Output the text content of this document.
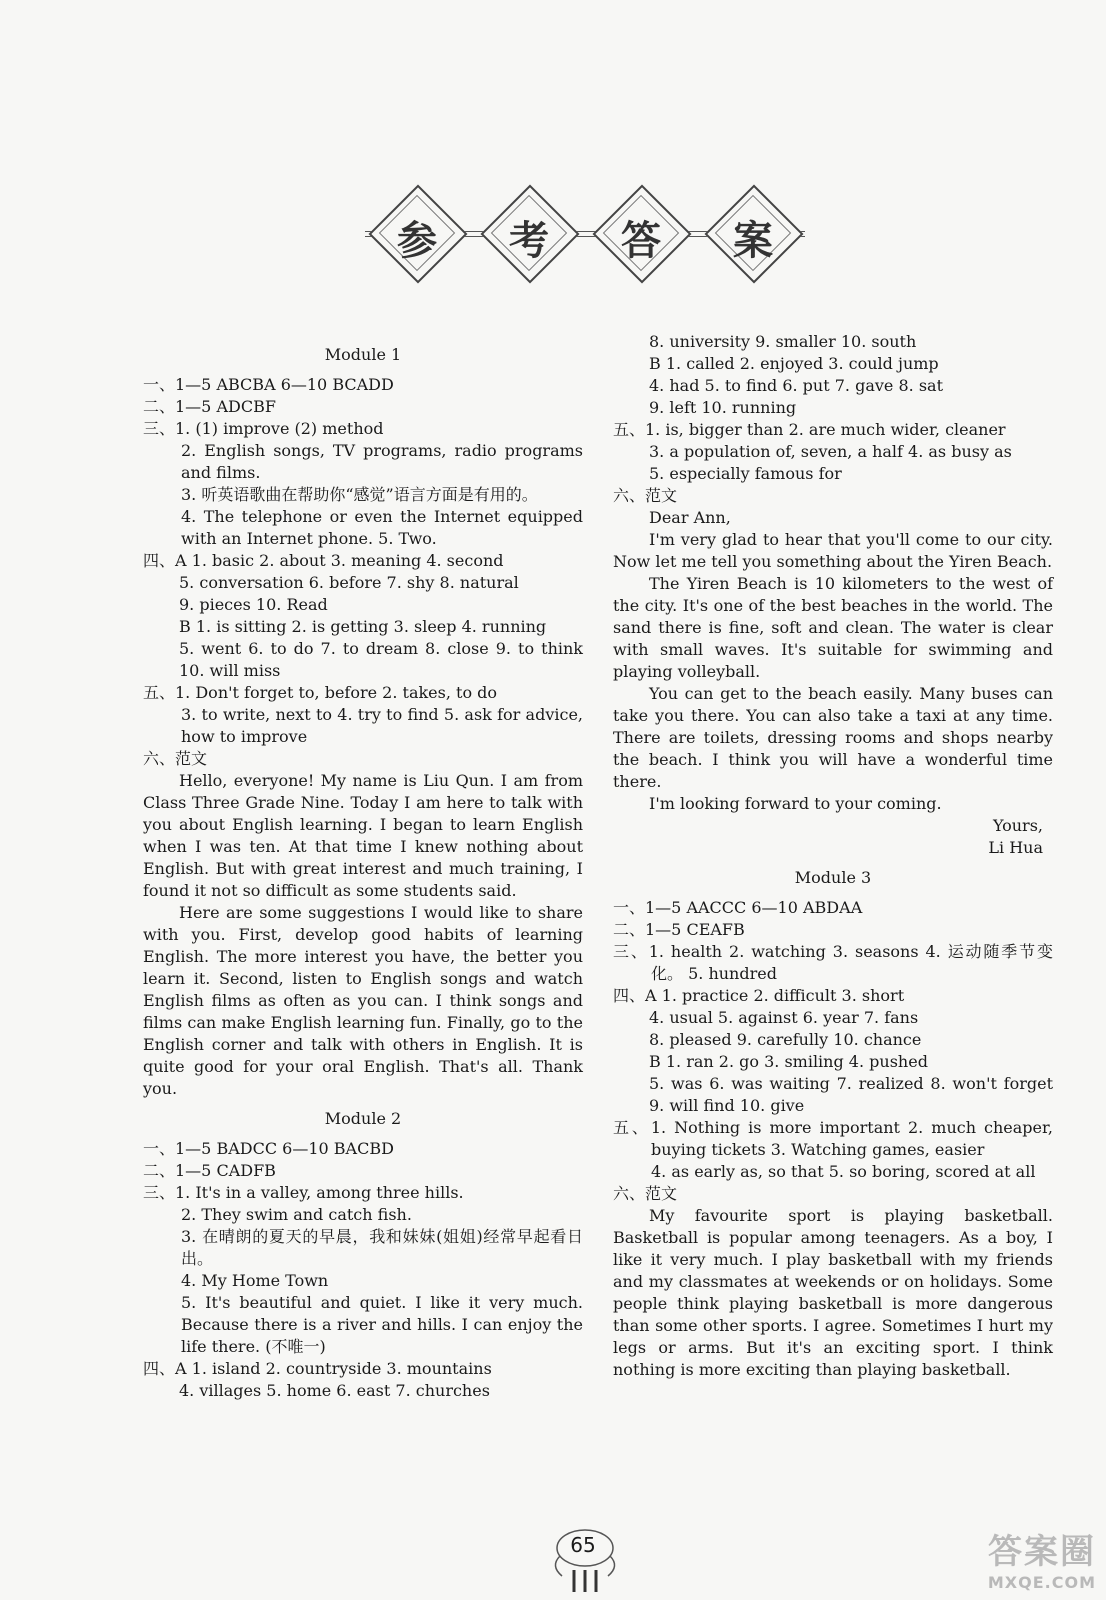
参	考	答	案
Module 1
一、1—5 ABCBA 6—10 BCADD
二、1—5 ADCBF
三、1. (1) improve (2) method
2. English songs, TV programs, radio programs and films.
3. 听英语歌曲在帮助你“感觉”语言方面是有用的。
4. The telephone or even the Internet equipped with an Internet phone. 5. Two.
四、A 1. basic 2. about 3. meaning 4. second
5. conversation 6. before 7. shy 8. natural
9. pieces 10. Read
B 1. is sitting 2. is getting 3. sleep 4. running
5. went 6. to do 7. to dream 8. close 9. to think 10. will miss
五、1. Don't forget to, before 2. takes, to do
3. to write, next to 4. try to find 5. ask for advice, how to improve
六、范文
Hello, everyone! My name is Liu Qun. I am from Class Three Grade Nine. Today I am here to talk with you about English learning. I began to learn English when I was ten. At that time I knew nothing about English. But with great interest and much training, I found it not so difficult as some students said.
Here are some suggestions I would like to share with you. First, develop good habits of learning English. The more interest you have, the better you learn it. Second, listen to English songs and watch English films as often as you can. I think songs and films can make English learning fun. Finally, go to the English corner and talk with others in English. It is quite good for your oral English. That's all. Thank you.
Module 2
一、1—5 BADCC 6—10 BACBD
二、1—5 CADFB
三、1. It's in a valley, among three hills.
2. They swim and catch fish.
3. 在晴朗的夏天的早晨，我和妹妹(姐姐)经常早起看日出。
4. My Home Town
5. It's beautiful and quiet. I like it very much. Because there is a river and hills. I can enjoy the life there. (不唯一)
四、A 1. island 2. countryside 3. mountains
4. villages 5. home 6. east 7. churches
8. university 9. smaller 10. south
B 1. called 2. enjoyed 3. could jump
4. had 5. to find 6. put 7. gave 8. sat
9. left 10. running
五、1. is, bigger than 2. are much wider, cleaner
3. a population of, seven, a half 4. as busy as
5. especially famous for
六、范文
Dear Ann,
I'm very glad to hear that you'll come to our city. Now let me tell you something about the Yiren Beach.
The Yiren Beach is 10 kilometers to the west of the city. It's one of the best beaches in the world. The sand there is fine, soft and clean. The water is clear with small waves. It's suitable for swimming and playing volleyball.
You can get to the beach easily. Many buses can take you there. You can also take a taxi at any time. There are toilets, dressing rooms and shops nearby the beach. I think you will have a wonderful time there.
I'm looking forward to your coming.
Yours,
Li Hua
Module 3
一、1—5 AACCC 6—10 ABDAA
二、1—5 CEAFB
三、1. health 2. watching 3. seasons 4. 运动随季节变化。 5. hundred
四、A 1. practice 2. difficult 3. short
4. usual 5. against 6. year 7. fans
8. pleased 9. carefully 10. chance
B 1. ran 2. go 3. smiling 4. pushed
5. was 6. was waiting 7. realized 8. won't forget 9. will find 10. give
五、1. Nothing is more important 2. much cheaper, buying tickets 3. Watching games, easier
4. as early as, so that 5. so boring, scored at all
六、范文
My favourite sport is playing basketball. Basketball is popular among teenagers. As a boy, I like it very much. I play basketball with my friends and my classmates at weekends or on holidays. Some people think playing basketball is more dangerous than some other sports. I agree. Sometimes I hurt my legs or arms. But it's an exciting sport. I think nothing is more exciting than playing basketball.
65	答案圈
MXQE.COM
